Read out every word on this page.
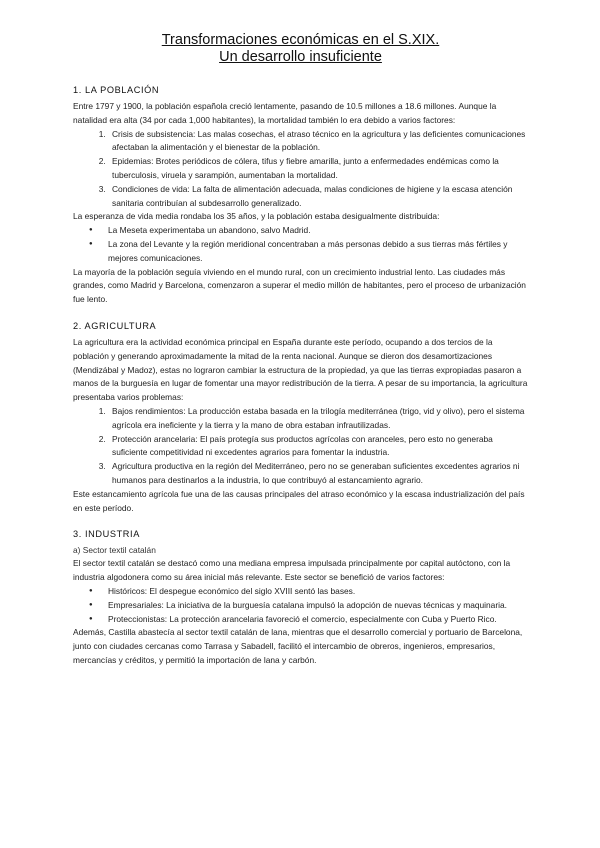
Transformaciones económicas en el S.XIX.
Un desarrollo insuficiente
1. LA POBLACIÓN

Entre 1797 y 1900, la población española creció lentamente, pasando de 10.5 millones a 18.6 millones. Aunque la natalidad era alta (34 por cada 1,000 habitantes), la mortalidad también lo era debido a varios factores:

1. Crisis de subsistencia: Las malas cosechas, el atraso técnico en la agricultura y las deficientes comunicaciones afectaban la alimentación y el bienestar de la población.
2. Epidemias: Brotes periódicos de cólera, tifus y fiebre amarilla, junto a enfermedades endémicas como la tuberculosis, viruela y sarampión, aumentaban la mortalidad.
3. Condiciones de vida: La falta de alimentación adecuada, malas condiciones de higiene y la escasa atención sanitaria contribuían al subdesarrollo generalizado.

La esperanza de vida media rondaba los 35 años, y la población estaba desigualmente distribuida:

● La Meseta experimentaba un abandono, salvo Madrid.
● La zona del Levante y la región meridional concentraban a más personas debido a sus tierras más fértiles y mejores comunicaciones.

La mayoría de la población seguía viviendo en el mundo rural, con un crecimiento industrial lento. Las ciudades más grandes, como Madrid y Barcelona, comenzaron a superar el medio millón de habitantes, pero el proceso de urbanización fue lento.

2. AGRICULTURA

La agricultura era la actividad económica principal en España durante este período, ocupando a dos tercios de la población y generando aproximadamente la mitad de la renta nacional. Aunque se dieron dos desamortizaciones (Mendizábal y Madoz), estas no lograron cambiar la estructura de la propiedad, ya que las tierras expropiadas pasaron a manos de la burguesía en lugar de fomentar una mayor redistribución de la tierra. A pesar de su importancia, la agricultura presentaba varios problemas:

1. Bajos rendimientos: La producción estaba basada en la trilogía mediterránea (trigo, vid y olivo), pero el sistema agrícola era ineficiente y la tierra y la mano de obra estaban infrautilizadas.
2. Protección arancelaria: El país protegía sus productos agrícolas con aranceles, pero esto no generaba suficiente competitividad ni excedentes agrarios para fomentar la industria.
3. Agricultura productiva en la región del Mediterráneo, pero no se generaban suficientes excedentes agrarios ni humanos para destinarlos a la industria, lo que contribuyó al estancamiento agrario.

Este estancamiento agrícola fue una de las causas principales del atraso económico y la escasa industrialización del país en este período.

3. INDUSTRIA
a) Sector textil catalán

El sector textil catalán se destacó como una mediana empresa impulsada principalmente por capital autóctono, con la industria algodonera como su área inicial más relevante. Este sector se benefició de varios factores:

● Históricos: El despegue económico del siglo XVIII sentó las bases.
● Empresariales: La iniciativa de la burguesía catalana impulsó la adopción de nuevas técnicas y maquinaria.
● Proteccionistas: La protección arancelaria favoreció el comercio, especialmente con Cuba y Puerto Rico.

Además, Castilla abastecía al sector textil catalán de lana, mientras que el desarrollo comercial y portuario de Barcelona, junto con ciudades cercanas como Tarrasa y Sabadell, facilitó el intercambio de obreros, ingenieros, empresarios, mercancías y créditos, y permitió la importación de lana y carbón.
